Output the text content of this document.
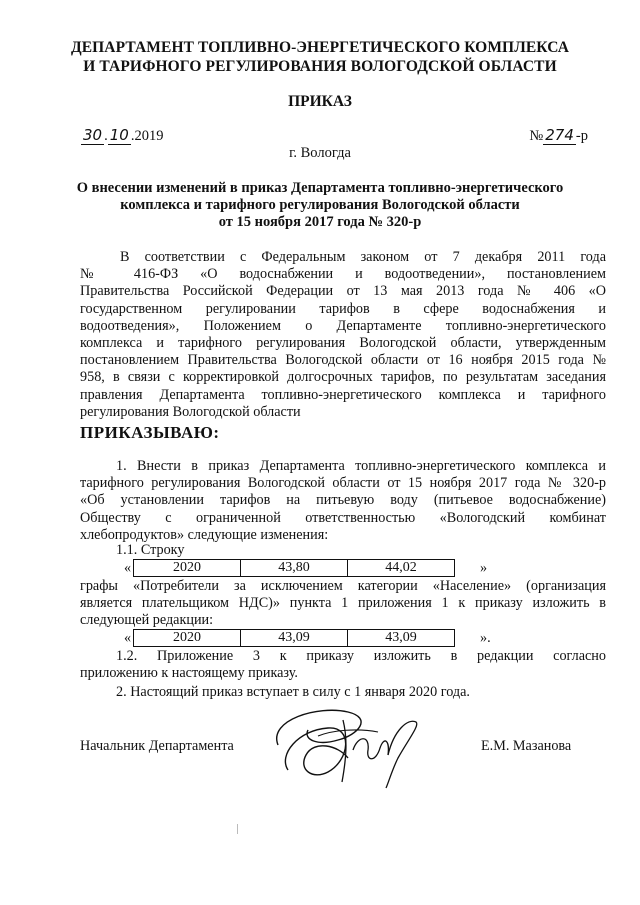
ДЕПАРТАМЕНТ ТОПЛИВНО-ЭНЕРГЕТИЧЕСКОГО КОМПЛЕКСА
И ТАРИФНОГО РЕГУЛИРОВАНИЯ ВОЛОГОДСКОЙ ОБЛАСТИ
ПРИКАЗ
30 . 10 .2019	№ 274 -р
г. Вологда
О внесении изменений в приказ Департамента топливно-энергетического
комплекса и тарифного регулирования Вологодской области
от 15 ноября 2017 года № 320-р
В соответствии с Федеральным законом от 7 декабря 2011 года
№ 416-ФЗ «О водоснабжении и водоотведении», постановлением
Правительства Российской Федерации от 13 мая 2013 года № 406 «О
государственном регулировании тарифов в сфере водоснабжения и
водоотведения», Положением о Департаменте топливно-энергетического
комплекса и тарифного регулирования Вологодской области, утвержденным
постановлением Правительства Вологодской области от 16 ноября 2015 года №
958, в связи с корректировкой долгосрочных тарифов, по результатам заседания
правления Департамента топливно-энергетического комплекса и тарифного
регулирования Вологодской области
ПРИКАЗЫВАЮ:
1. Внести в приказ Департамента топливно-энергетического комплекса и
тарифного регулирования Вологодской области от 15 ноября 2017 года № 320-р
«Об установлении тарифов на питьевую воду (питьевое водоснабжение)
Обществу с ограниченной ответственностью «Вологодский комбинат
хлебопродуктов» следующие изменения:
1.1. Строку
«	2020	43,80	44,02	»
графы «Потребители за исключением категории «Население» (организация
является плательщиком НДС)» пункта 1 приложения 1 к приказу изложить в
следующей редакции:
«	2020	43,09	43,09	».
1.2. Приложение 3 к приказу изложить в редакции согласно
приложению к настоящему приказу.
2. Настоящий приказ вступает в силу с 1 января 2020 года.
Начальник Департамента	Е.М. Мазанова
